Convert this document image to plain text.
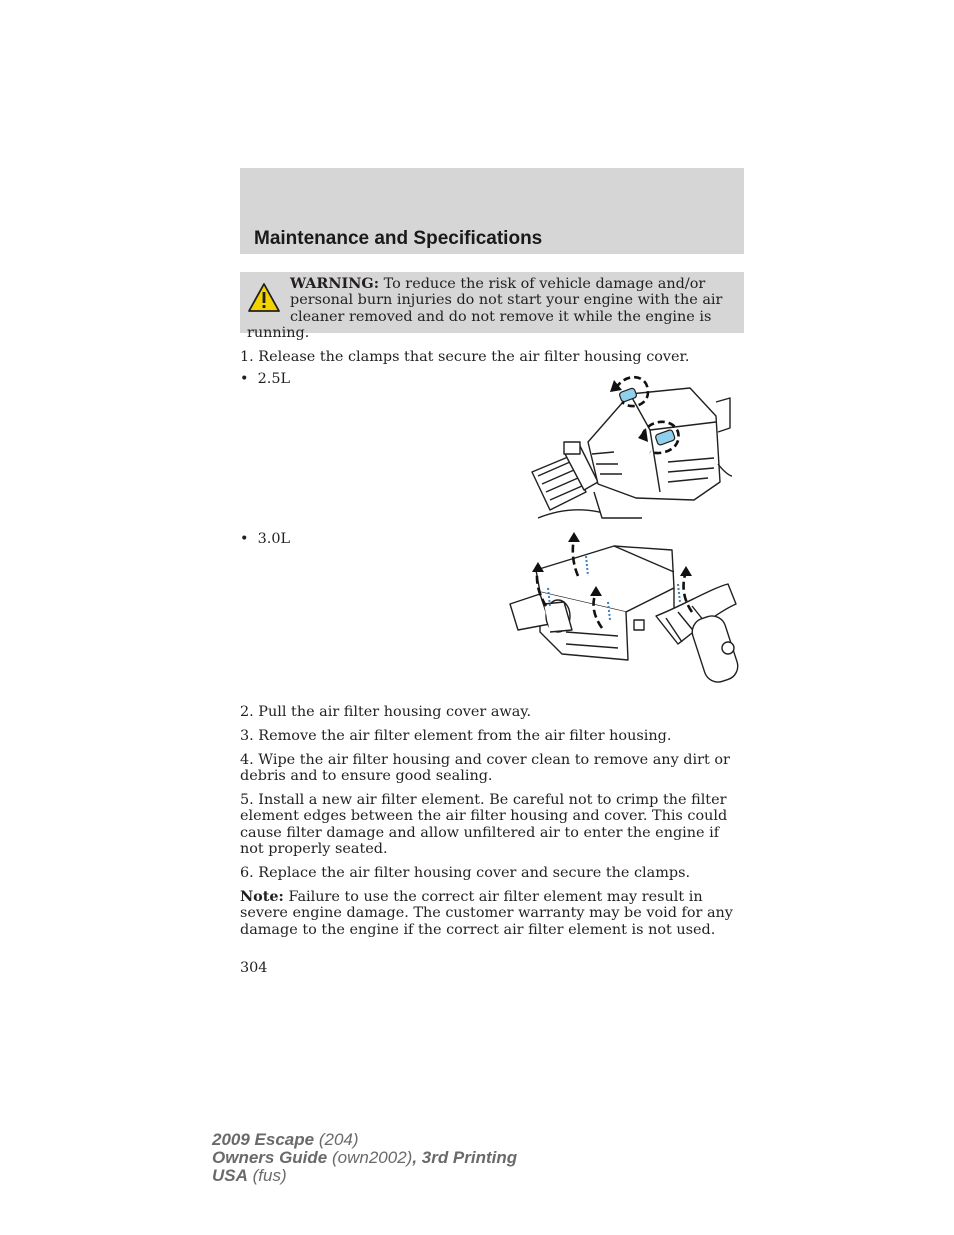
Maintenance and Specifications
WARNING: To reduce the risk of vehicle damage and/or personal burn injuries do not start your engine with the air cleaner removed and do not remove it while the engine is running.

1. Release the clamps that secure the air filter housing cover.

•  2.5L

•  3.0L

2. Pull the air filter housing cover away.

3. Remove the air filter element from the air filter housing.

4. Wipe the air filter housing and cover clean to remove any dirt or debris and to ensure good sealing.

5. Install a new air filter element. Be careful not to crimp the filter element edges between the air filter housing and cover. This could cause filter damage and allow unfiltered air to enter the engine if not properly seated.

6. Replace the air filter housing cover and secure the clamps.

Note: Failure to use the correct air filter element may result in severe engine damage. The customer warranty may be void for any damage to the engine if the correct air filter element is not used.

304

2009 Escape (204)
Owners Guide (own2002), 3rd Printing
USA (fus)
